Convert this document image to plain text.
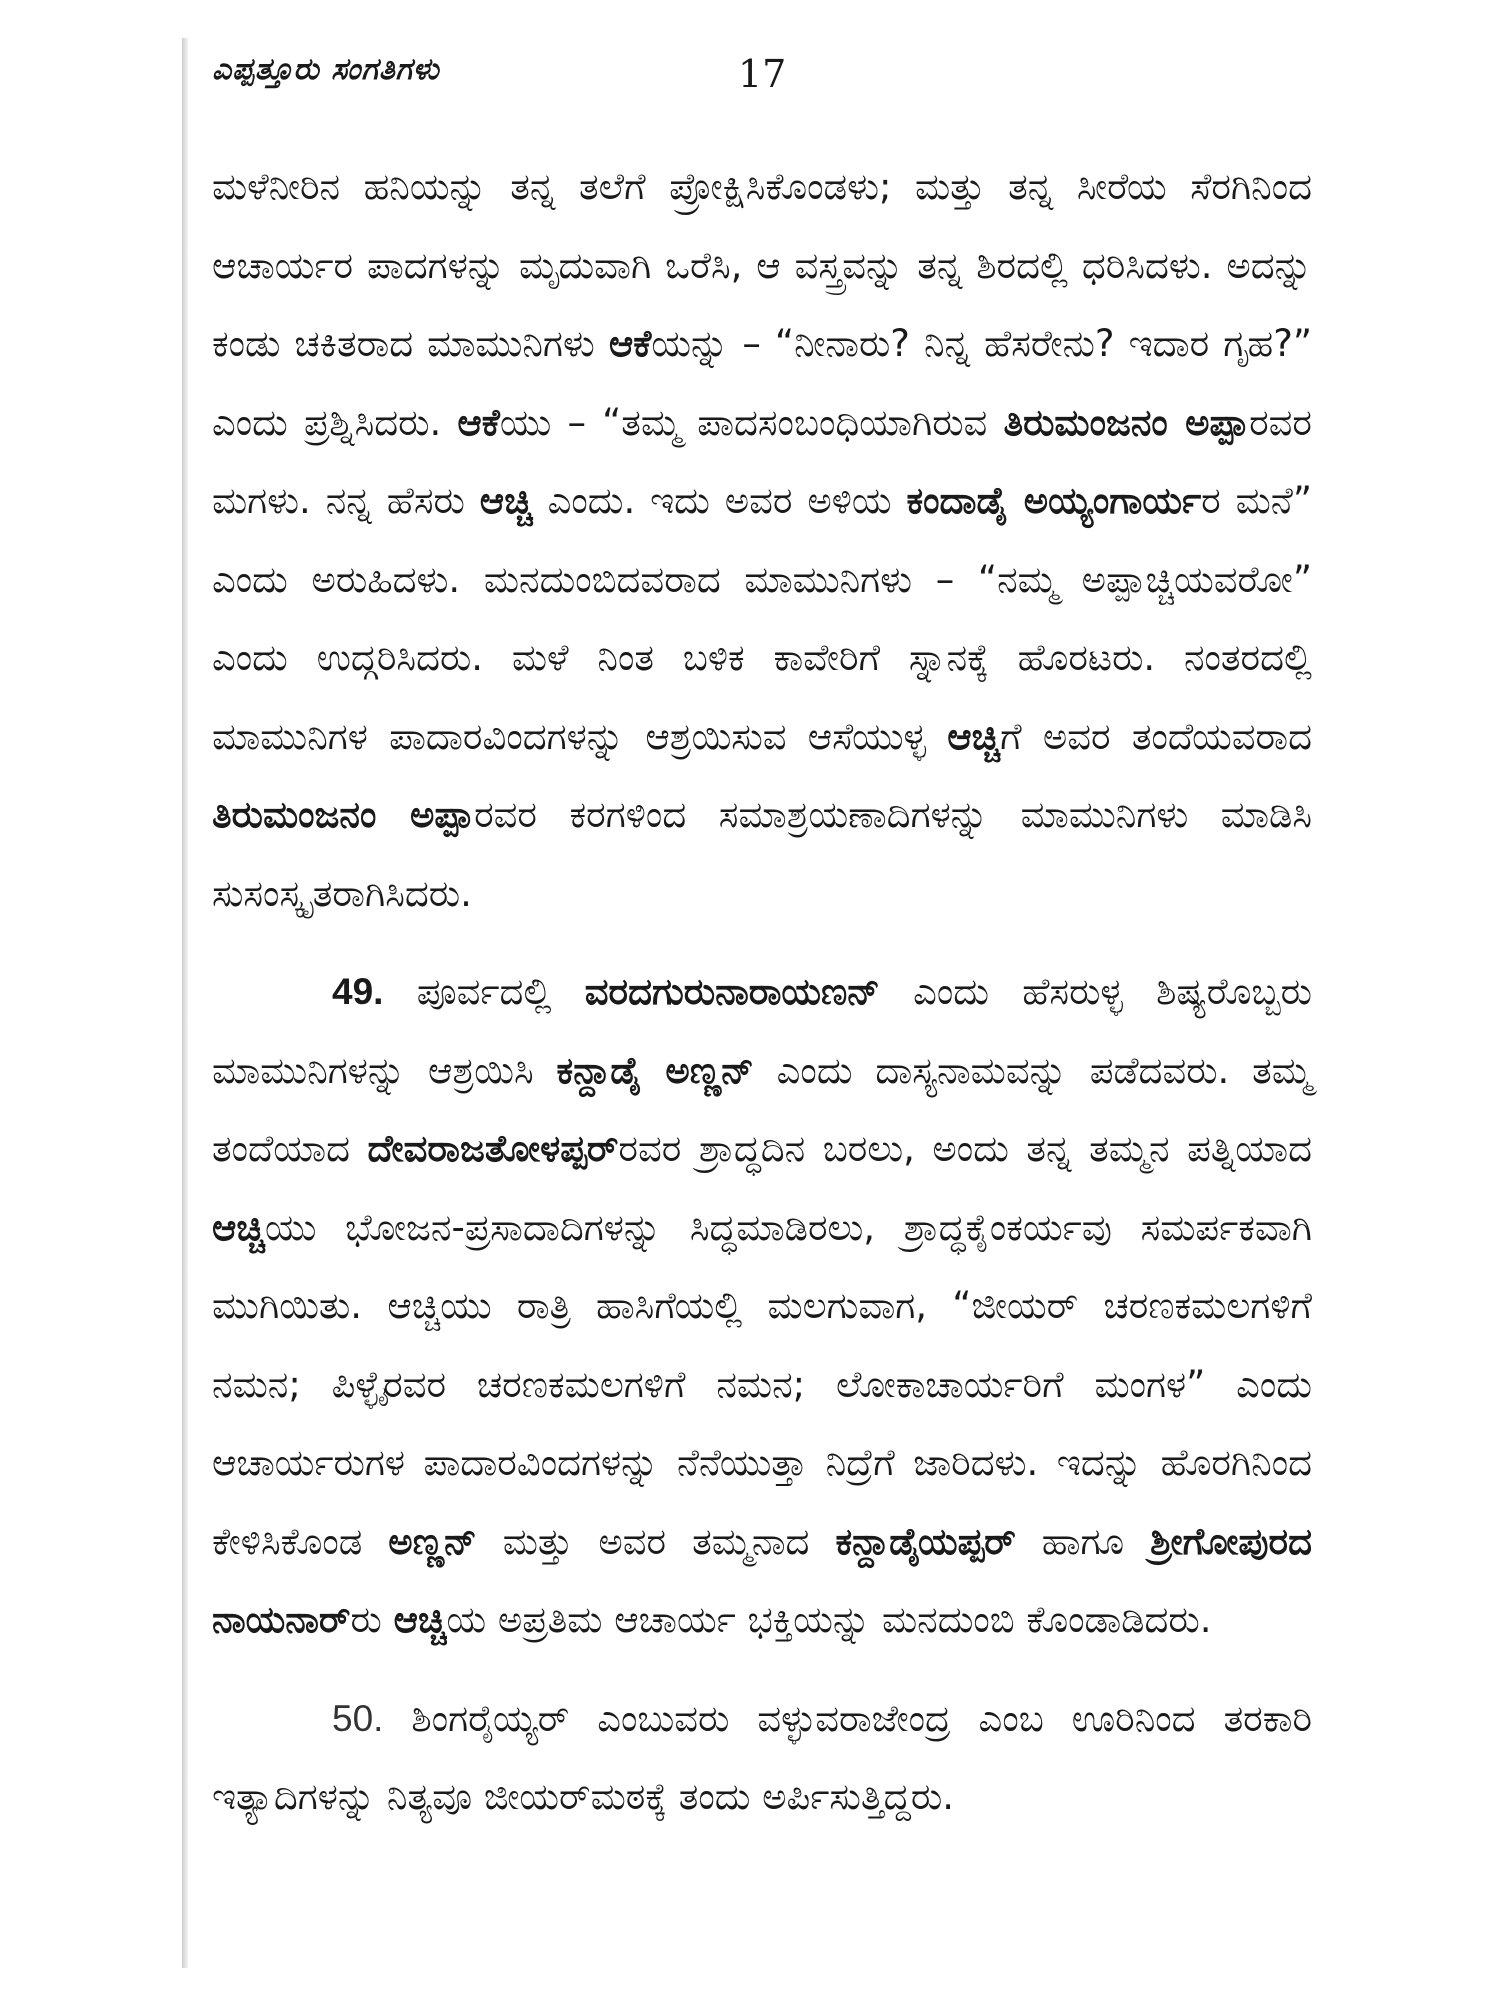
ಎಪ್ಪತ್ತೂರು ಸಂಗತಿಗಳು	17

ಮಳೆನೀರಿನ ಹನಿಯನ್ನು ತನ್ನ ತಲೆಗೆ ಪ್ರೋಕ್ಷಿಸಿಕೊಂಡಳು; ಮತ್ತು ತನ್ನ ಸೀರೆಯ ಸೆರಗಿನಿಂದ ಆಚಾರ್ಯರ ಪಾದಗಳನ್ನು ಮೃದುವಾಗಿ ಒರೆಸಿ, ಆ ವಸ್ತ್ರವನ್ನು ತನ್ನ ಶಿರದಲ್ಲಿ ಧರಿಸಿದಳು. ಅದನ್ನು ಕಂಡು ಚಕಿತರಾದ ಮಾಮುನಿಗಳು ಆಕೆಯನ್ನು – “ನೀನಾರು? ನಿನ್ನ ಹೆಸರೇನು? ಇದಾರ ಗೃಹ?” ಎಂದು ಪ್ರಶ್ನಿಸಿದರು. ಆಕೆಯು – “ತಮ್ಮ ಪಾದಸಂಬಂಧಿಯಾಗಿರುವ ತಿರುಮಂಜನಂ ಅಪ್ಪಾರವರ ಮಗಳು. ನನ್ನ ಹೆಸರು ಆಚ್ಚಿ ಎಂದು. ಇದು ಅವರ ಅಳಿಯ ಕಂದಾಡೈ ಅಯ್ಯಂಗಾರ್ಯರ ಮನೆ” ಎಂದು ಅರುಹಿದಳು. ಮನದುಂಬಿದವರಾದ ಮಾಮುನಿಗಳು – “ನಮ್ಮ ಅಪ್ಪಾಚ್ಚಿಯವರೋ” ಎಂದು ಉದ್ಗರಿಸಿದರು. ಮಳೆ ನಿಂತ ಬಳಿಕ ಕಾವೇರಿಗೆ ಸ್ನಾನಕ್ಕೆ ಹೊರಟರು. ನಂತರದಲ್ಲಿ ಮಾಮುನಿಗಳ ಪಾದಾರವಿಂದಗಳನ್ನು ಆಶ್ರಯಿಸುವ ಆಸೆಯುಳ್ಳ ಆಚ್ಚಿಗೆ ಅವರ ತಂದೆಯವರಾದ ತಿರುಮಂಜನಂ ಅಪ್ಪಾರವರ ಕರಗಳಿಂದ ಸಮಾಶ್ರಯಣಾದಿಗಳನ್ನು ಮಾಮುನಿಗಳು ಮಾಡಿಸಿ ಸುಸಂಸ್ಕೃತರಾಗಿಸಿದರು.

49. ಪೂರ್ವದಲ್ಲಿ ವರದಗುರುನಾರಾಯಣನ್ ಎಂದು ಹೆಸರುಳ್ಳ ಶಿಷ್ಯರೊಬ್ಬರು ಮಾಮುನಿಗಳನ್ನು ಆಶ್ರಯಿಸಿ ಕನ್ದಾಡೈ ಅಣ್ಣನ್ ಎಂದು ದಾಸ್ಯನಾಮವನ್ನು ಪಡೆದವರು. ತಮ್ಮ ತಂದೆಯಾದ ದೇವರಾಜತೋಳಪ್ಪರ್ರವರ ಶ್ರಾದ್ಧದಿನ ಬರಲು, ಅಂದು ತನ್ನ ತಮ್ಮನ ಪತ್ನಿಯಾದ ಆಚ್ಚಿಯು ಭೋಜನ-ಪ್ರಸಾದಾದಿಗಳನ್ನು ಸಿದ್ಧಮಾಡಿರಲು, ಶ್ರಾದ್ಧಕೈಂಕರ್ಯವು ಸಮರ್ಪಕವಾಗಿ ಮುಗಿಯಿತು. ಆಚ್ಚಿಯು ರಾತ್ರಿ ಹಾಸಿಗೆಯಲ್ಲಿ ಮಲಗುವಾಗ, “ಜೀಯರ್ ಚರಣಕಮಲಗಳಿಗೆ ನಮನ; ಪಿಳ್ಳೈರವರ ಚರಣಕಮಲಗಳಿಗೆ ನಮನ; ಲೋಕಾಚಾರ್ಯರಿಗೆ ಮಂಗಳ” ಎಂದು ಆಚಾರ್ಯರುಗಳ ಪಾದಾರವಿಂದಗಳನ್ನು ನೆನೆಯುತ್ತಾ ನಿದ್ರೆಗೆ ಜಾರಿದಳು. ಇದನ್ನು ಹೊರಗಿನಿಂದ ಕೇಳಿಸಿಕೊಂಡ ಅಣ್ಣನ್ ಮತ್ತು ಅವರ ತಮ್ಮನಾದ ಕನ್ದಾಡೈಯಪ್ಪರ್ ಹಾಗೂ ಶ್ರೀಗೋಪುರದ ನಾಯನಾರ್ರು ಆಚ್ಚಿಯ ಅಪ್ರತಿಮ ಆಚಾರ್ಯ ಭಕ್ತಿಯನ್ನು ಮನದುಂಬಿ ಕೊಂಡಾಡಿದರು.

50. ಶಿಂಗರೈಯ್ಯರ್ ಎಂಬುವರು ವಳ್ಳುವರಾಜೇಂದ್ರ ಎಂಬ ಊರಿನಿಂದ ತರಕಾರಿ ಇತ್ಯಾದಿಗಳನ್ನು ನಿತ್ಯವೂ ಜೀಯರ್‌ಮಠಕ್ಕೆ ತಂದು ಅರ್ಪಿಸುತ್ತಿದ್ದರು.
